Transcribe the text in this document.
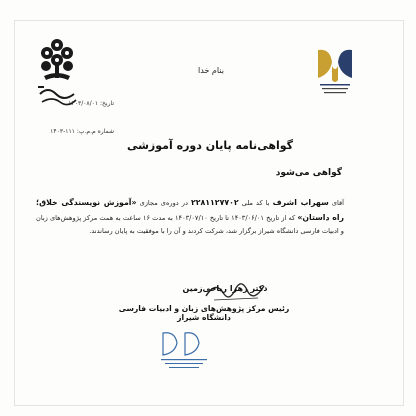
بنام خدا
تاریخ: ۱۴۰۳/۰۸/۰۱
شماره م.م.پ: ۱۱۱-۱۴۰۳
گواهی‌نامه پایان دوره آموزشی
گواهی می‌شود
آقای سهراب اشرف با کد ملی ۲۲۸۱۱۲۷۷۰۲ در دوره‌ی مجازی «آموزش نویسندگی خلاق؛ راه داستان» که از تاریخ ۱۴۰۳/۰۶/۰۱ تا تاریخ ۱۴۰۳/۰۷/۱۰ به مدت ۱۶ ساعت به همت مرکز پژوهش‌های زبان و ادبیات فارسی دانشگاه شیراز برگزار شد، شرکت کردند و آن را با موفقیت به پایان رساندند.
دکتر زهرا ریاحی‌زمین
رئیس مرکز پژوهش‌های زبان و ادبیات فارسی دانشگاه شیراز
